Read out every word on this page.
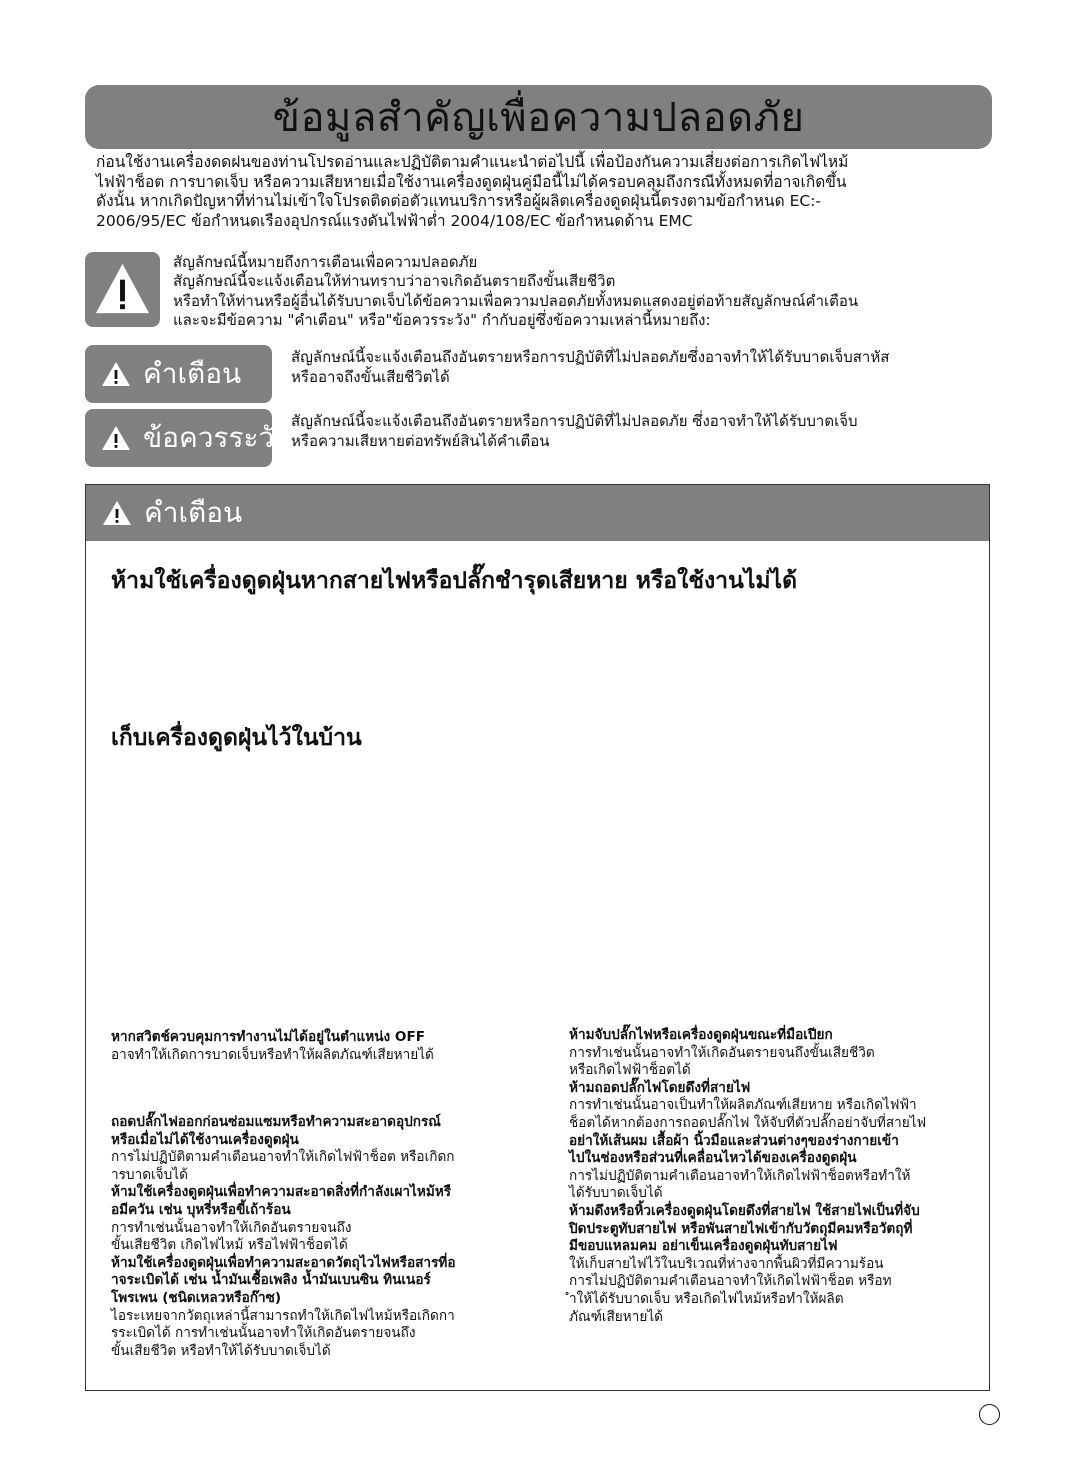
ข้อมูลสำคัญเพื่อความปลอดภัย
ก่อนใช้งานเครื่องดดฝนของท่านโปรดอ่านและปฏิบัติตามคำแนะนำต่อไปนี้ เพื่อป้องกันความเสี่ยงต่อการเกิดไฟไหม้
ไฟฟ้าช็อต การบาดเจ็บ หรือความเสียหายเมื่อใช้งานเครื่องดูดฝุ่นคู่มือนี้ไม่ได้ครอบคลุมถึงกรณีทั้งหมดที่อาจเกิดขึ้น
ดังนั้น หากเกิดปัญหาที่ท่านไม่เข้าใจโปรดติดต่อตัวแทนบริการหรือผู้ผลิตเครื่องดูดฝุ่นนี้ตรงตามข้อกำหนด EC:-
2006/95/EC ข้อกำหนดเรืองอุปกรณ์แรงดันไฟฟ้าต่ำ 2004/108/EC ข้อกำหนดด้าน EMC
สัญลักษณ์นี้หมายถึงการเตือนเพื่อความปลอดภัย
สัญลักษณ์นี้จะแจ้งเตือนให้ท่านทราบว่าอาจเกิดอันตรายถึงขั้นเสียชีวิต
หรือทำให้ท่านหรือผู้อื่นได้รับบาดเจ็บได้ข้อความเพื่อความปลอดภัยทั้งหมดแสดงอยู่ต่อท้ายสัญลักษณ์คำเตือน
และจะมีข้อความ "คำเตือน" หรือ"ข้อควรระวัง" กำกับอยู่ซึ่งข้อความเหล่านี้หมายถึง:
คำเตือน	สัญลักษณ์นี้จะแจ้งเตือนถึงอันตรายหรือการปฏิบัติที่ไม่ปลอดภัยซึ่งอาจทำให้ได้รับบาดเจ็บสาหัส
หรืออาจถึงขั้นเสียชีวิตได้
ข้อควรระวัง สัญลักษณ์นี้จะแจ้งเตือนถึงอันตรายหรือการปฏิบัติที่ไม่ปลอดภัย ซึ่งอาจทำให้ได้รับบาดเจ็บ
หรือความเสียหายต่อทรัพย์สินได้คำเตือน
คำเตือน
ห้ามใช้เครื่องดูดฝุ่นหากสายไฟหรือปลั๊กชำรุดเสียหาย หรือใช้งานไม่ได้
เก็บเครื่องดูดฝุ่นไว้ในบ้าน
หากสวิตช์ควบคุมการทำงานไม่ได้อยู่ในตำแหน่ง OFF
อาจทำให้เกิดการบาดเจ็บหรือทำให้ผลิตภัณฑ์เสียหายได้
ถอดปลั๊กไฟออกก่อนซ่อมแซมหรือทำความสะอาดอุปกรณ์
หรือเมื่อไม่ได้ใช้งานเครื่องดูดฝุ่น
การไม่ปฏิบัติตามคำเตือนอาจทำให้เกิดไฟฟ้าช็อต หรือเกิดก
ารบาดเจ็บได้
ห้ามใช้เครื่องดูดฝุ่นเพื่อทำความสะอาดสิ่งที่กำลังเผาไหม้หรื
อมีควัน เช่น บุหรี่หรือขี้เถ้าร้อน
การทำเช่นนั้นอาจทำให้เกิดอันตรายจนถึง
ขั้นเสียชีวิต เกิดไฟไหม้ หรือไฟฟ้าช็อตได้
ห้ามใช้เครื่องดูดฝุ่นเพื่อทำความสะอาดวัตถุไวไฟหรือสารที่อ
าจระเบิดได้ เช่น น้ำมันเชื้อเพลิง น้ำมันเบนซิน ทินเนอร์
โพรเพน (ชนิดเหลวหรือก๊าซ)
ไอระเหยจากวัตถุเหล่านี้สามารถทำให้เกิดไฟไหม้หรือเกิดกา
รระเบิดได้ การทำเช่นนั้นอาจทำให้เกิดอันตรายจนถึง
ขั้นเสียชีวิต หรือทำให้ได้รับบาดเจ็บได้
ห้ามจับปลั๊กไฟหรือเครื่องดูดฝุ่นขณะที่มือเปียก
การทำเช่นนั้นอาจทำให้เกิดอันตรายจนถึงขั้นเสียชีวิต
หรือเกิดไฟฟ้าช็อตได้
ห้ามถอดปลั๊กไฟโดยดึงที่สายไฟ
การทำเช่นนั้นอาจเป็นทำให้ผลิตภัณฑ์เสียหาย หรือเกิดไฟฟ้า
ช็อตได้หากต้องการถอดปลั๊กไฟ ให้จับที่ตัวปลั๊กอย่าจับที่สายไฟ
อย่าให้เส้นผม เสื้อผ้า นิ้วมือและส่วนต่างๆของร่างกายเข้า
ไปในช่องหรือส่วนที่เคลื่อนไหวได้ของเครื่องดูดฝุ่น
การไม่ปฏิบัติตามคำเตือนอาจทำให้เกิดไฟฟ้าช็อตหรือทำให้
ได้รับบาดเจ็บได้
ห้ามดึงหรือหิ้วเครื่องดูดฝุ่นโดยดึงที่สายไฟ ใช้สายไฟเป็นที่จับ
ปิดประตูทับสายไฟ หรือพันสายไฟเข้ากับวัตถุมีคมหรือวัตถุที่
มีขอบแหลมคม อย่าเข็นเครื่องดูดฝุ่นทับสายไฟ
ให้เก็บสายไฟไว้ในบริเวณที่ห่างจากพื้นผิวที่มีความร้อน
การไม่ปฏิบัติตามคำเตือนอาจทำให้เกิดไฟฟ้าช็อต หรือท
ำให้ได้รับบาดเจ็บ หรือเกิดไฟไหม้หรือทำให้ผลิต
ภัณฑ์เสียหายได้
